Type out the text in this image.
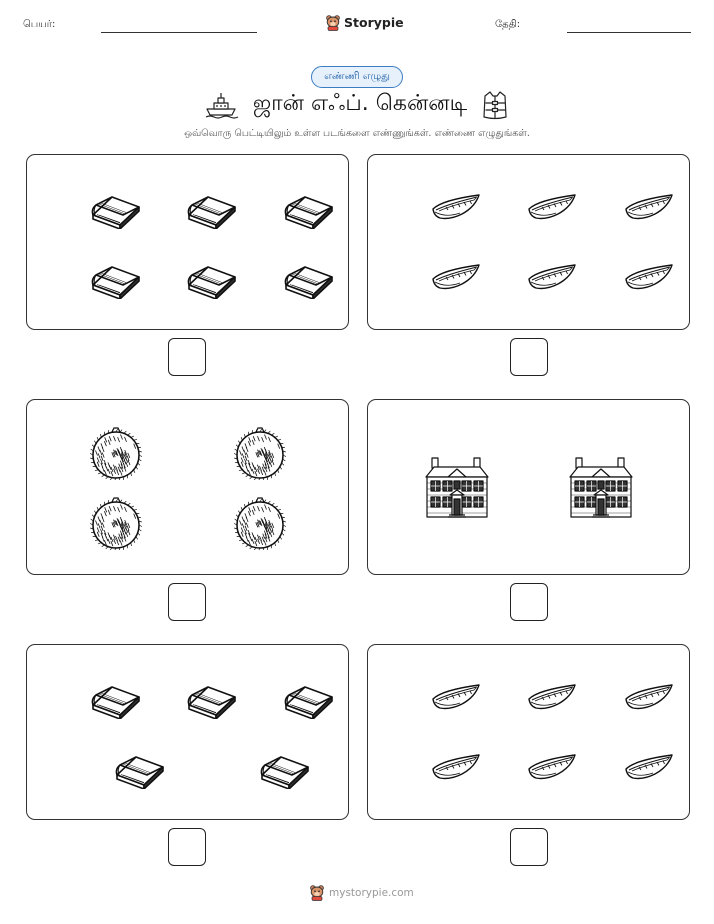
பெயர்:	Storypie	தேதி:
எண்ணி எழுது
ஜான் எஃப். கென்னடி
ஒவ்வொரு பெட்டியிலும் உள்ள படங்களை எண்ணுங்கள். எண்ணை எழுதுங்கள்.
mystorypie.com
